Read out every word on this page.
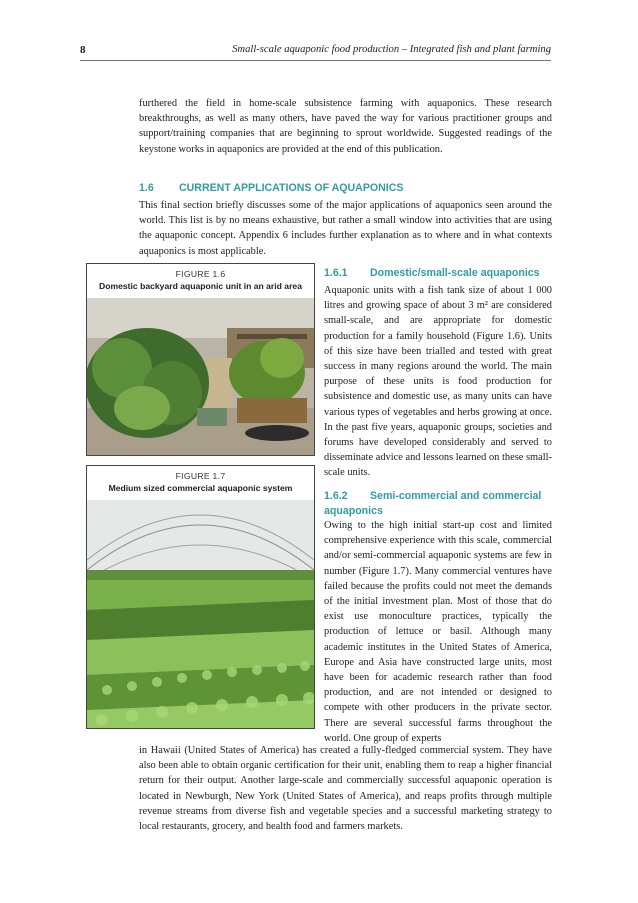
8	Small-scale aquaponic food production – Integrated fish and plant farming

furthered the field in home-scale subsistence farming with aquaponics. These research breakthroughs, as well as many others, have paved the way for various practitioner groups and support/training companies that are beginning to sprout worldwide. Suggested readings of the keystone works in aquaponics are provided at the end of this publication.

1.6 CURRENT APPLICATIONS OF AQUAPONICS

This final section briefly discusses some of the major applications of aquaponics seen around the world. This list is by no means exhaustive, but rather a small window into activities that are using the aquaponic concept. Appendix 6 includes further explanation as to where and in what contexts aquaponics is most applicable.

FIGURE 1.6
Domestic backyard aquaponic unit in an arid area
FIGURE 1.7
Medium sized commercial aquaponic system
1.6.1 Domestic/small-scale aquaponics

Aquaponic units with a fish tank size of about 1 000 litres and growing space of about 3 m² are considered small-scale, and are appropriate for domestic production for a family household (Figure 1.6). Units of this size have been trialled and tested with great success in many regions around the world. The main purpose of these units is food production for subsistence and domestic use, as many units can have various types of vegetables and herbs growing at once. In the past five years, aquaponic groups, societies and forums have developed considerably and served to disseminate advice and lessons learned on these small-scale units.

1.6.2 Semi-commercial and commercial
aquaponics

Owing to the high initial start-up cost and limited comprehensive experience with this scale, commercial and/or semi-commercial aquaponic systems are few in number (Figure 1.7). Many commercial ventures have failed because the profits could not meet the demands of the initial investment plan. Most of those that do exist use monoculture practices, typically the production of lettuce or basil. Although many academic institutes in the United States of America, Europe and Asia have constructed large units, most have been for academic research rather than food production, and are not intended or designed to compete with other producers in the private sector. There are several successful farms throughout the world. One group of experts

in Hawaii (United States of America) has created a fully-fledged commercial system. They have also been able to obtain organic certification for their unit, enabling them to reap a higher financial return for their output. Another large-scale and commercially successful aquaponic operation is located in Newburgh, New York (United States of America), and reaps profits through multiple revenue streams from diverse fish and vegetable species and a successful marketing strategy to local restaurants, grocery, and health food and farmers markets.
